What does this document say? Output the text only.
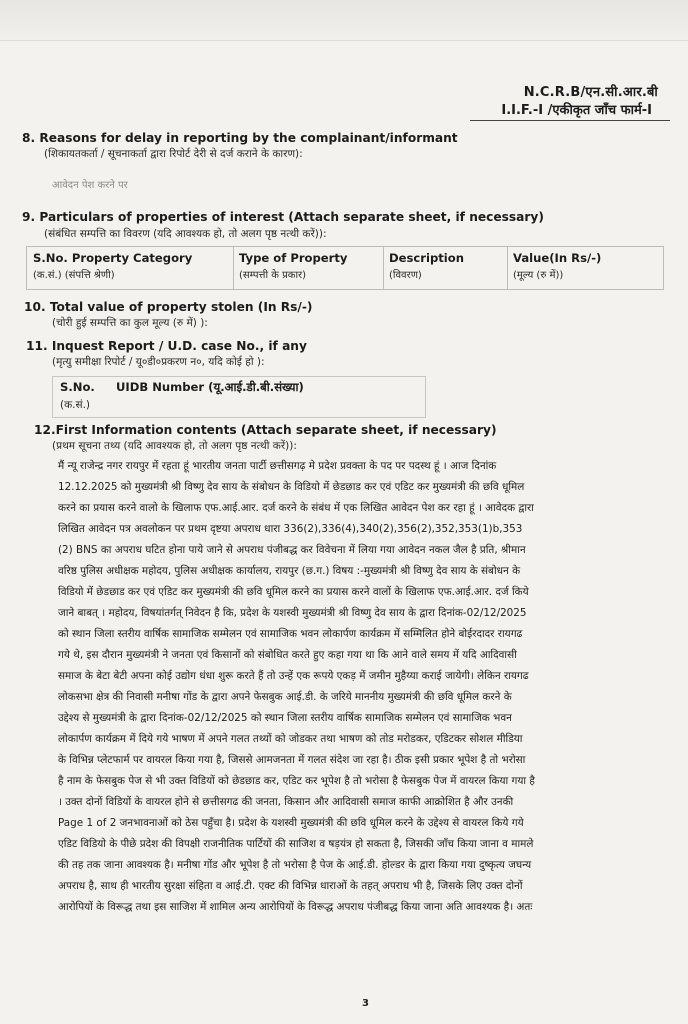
N.C.R.B/एन.सी.आर.बी
I.I.F.-I /एकीकृत जाँच फार्म-I
8. Reasons for delay in reporting by the complainant/informant
(शिकायतकर्ता / सूचनाकर्ता द्वारा रिपोर्ट देरी से दर्ज कराने के कारण):
आवेदन पेश करने पर
9. Particulars of properties of interest (Attach separate sheet, if necessary)
(संबंधित सम्पत्ति का विवरण (यदि आवश्यक हो, तो अलग पृष्ठ नत्थी करें)):
S.No. Property Category
(क.सं.) (संपत्ति श्रेणी)
Type of Property
(सम्पत्ती के प्रकार)
Description
(विवरण)
Value(In Rs/-)
(मूल्य (रु में))
10. Total value of property stolen (In Rs/-)
(चोरी हुई सम्पत्ति का कुल मूल्य (रु में) ):
11. Inquest Report / U.D. case No., if any
(मृत्यु समीक्षा रिपोर्ट / यू०डी०प्रकरण न०, यदि कोई हो ):
S.No.
(क.सं.)
UIDB Number (यू.आई.डी.बी.संख्या)
12.First Information contents (Attach separate sheet, if necessary)
(प्रथम सूचना तथ्य (यदि आवश्यक हो, तो अलग पृष्ठ नत्थी करें)):
मैं न्यू राजेन्द्र नगर रायपुर में रहता हूं भारतीय जनता पार्टी छत्तीसगढ़ मे प्रदेश प्रवक्ता के पद पर पदस्थ हूं । आज दिनांक
12.12.2025 को मुख्यमंत्री श्री विष्णु देव साय के संबोधन के विडियो में छेडछाड कर एवं एडिट कर मुख्यमंत्री की छवि धूमिल
करने का प्रयास करने वालो के खिलाफ एफ.आई.आर. दर्ज करने के संबंध में एक लिखित आवेदन पेश कर रहा हूं । आवेदक द्वारा
लिखित आवेदन पत्र अवलोकन पर प्रथम दृष्टया अपराध धारा 336(2),336(4),340(2),356(2),352,353(1)b,353
(2) BNS का अपराध घटित होना पाये जाने से अपराध पंजीबद्ध कर विवेचना में लिया गया आवेदन नकल जैल है प्रति, श्रीमान
वरिष्ठ पुलिस अधीक्षक महोदय, पुलिस अधीक्षक कार्यालय, रायपुर (छ.ग.) विषय :-मुख्यमंत्री श्री विष्णु देव साय के संबोधन के
विडियो में छेडछाड कर एवं एडिट कर मुख्यमंत्री की छवि धूमिल करने का प्रयास करने वालों के खिलाफ एफ.आई.आर. दर्ज किये
जाने बाबत् । महोदय, विषयांतर्गत् निवेदन है कि, प्रदेश के यशस्वी मुख्यमंत्री श्री विष्णु देव साय के द्वारा दिनांक-02/12/2025
को स्थान जिला स्तरीय वार्षिक सामाजिक सम्मेलन एवं सामाजिक भवन लोकार्पण कार्यक्रम में सम्मिलित होने बोईरदादर रायगढ
गये थे, इस दौरान मुख्यमंत्री ने जनता एवं किसानों को संबोधित करते हुए कहा गया था कि आने वाले समय में यदि आदिवासी
समाज के बेटा बेटी अपना कोई उद्योग धंधा शुरू करते हैं तो उन्हें एक रूपये एकड़ में जमीन मुहैय्या कराई जायेगी। लेकिन रायगढ
लोकसभा क्षेत्र की निवासी मनीषा गोंड के द्वारा अपने फेसबुक आई.डी. के जरिये माननीय मुख्यमंत्री की छवि धूमिल करने के
उद्देश्य से मुख्यमंत्री के द्वारा दिनांक-02/12/2025 को स्थान जिला स्तरीय वार्षिक सामाजिक सम्मेलन एवं सामाजिक भवन
लोकार्पण कार्यक्रम में दिये गये भाषण में अपने गलत तथ्यों को जोडकर तथा भाषण को तोड मरोडकर, एडिटकर सोशल मीडिया
के विभिन्न प्लेटफार्म पर वायरल किया गया है, जिससे आमजनता में गलत संदेश जा रहा है। ठीक इसी प्रकार भूपेश है तो भरोसा
है नाम के फेसबुक पेज से भी उक्त विडियों को छेडछाड कर, एडिट कर भूपेश है तो भरोसा है फेसबुक पेज में वायरल किया गया है
। उक्त दोनों विडियों के वायरल होने से छत्तीसगढ की जनता, किसान और आदिवासी समाज काफी आक्रोशित है और उनकी
Page 1 of 2 जनभावनाओं को ठेस पहुँचा है। प्रदेश के यशस्वी मुख्यमंत्री की छवि धूमिल करने के उद्देश्य से वायरल किये गये
एडिट विडियो के पीछे प्रदेश की विपक्षी राजनीतिक पार्टियों की साजिश व षड़यंत्र हो सकता है, जिसकी जाँच किया जाना व मामले
की तह तक जाना आवश्यक है। मनीषा गोंड और भूपेश है तो भरोसा है पेज के आई.डी. होल्डर के द्वारा किया गया दुष्कृत्य जघन्य
अपराध है, साथ ही भारतीय सुरक्षा संहिता व आई.टी. एक्ट की विभिन्न धाराओं के तहत् अपराध भी है, जिसके लिए उक्त दोनों
आरोपियों के विरूद्ध तथा इस साजिश में शामिल अन्य आरोपियों के विरूद्ध अपराध पंजीबद्ध किया जाना अति आवश्यक है। अतः
3
